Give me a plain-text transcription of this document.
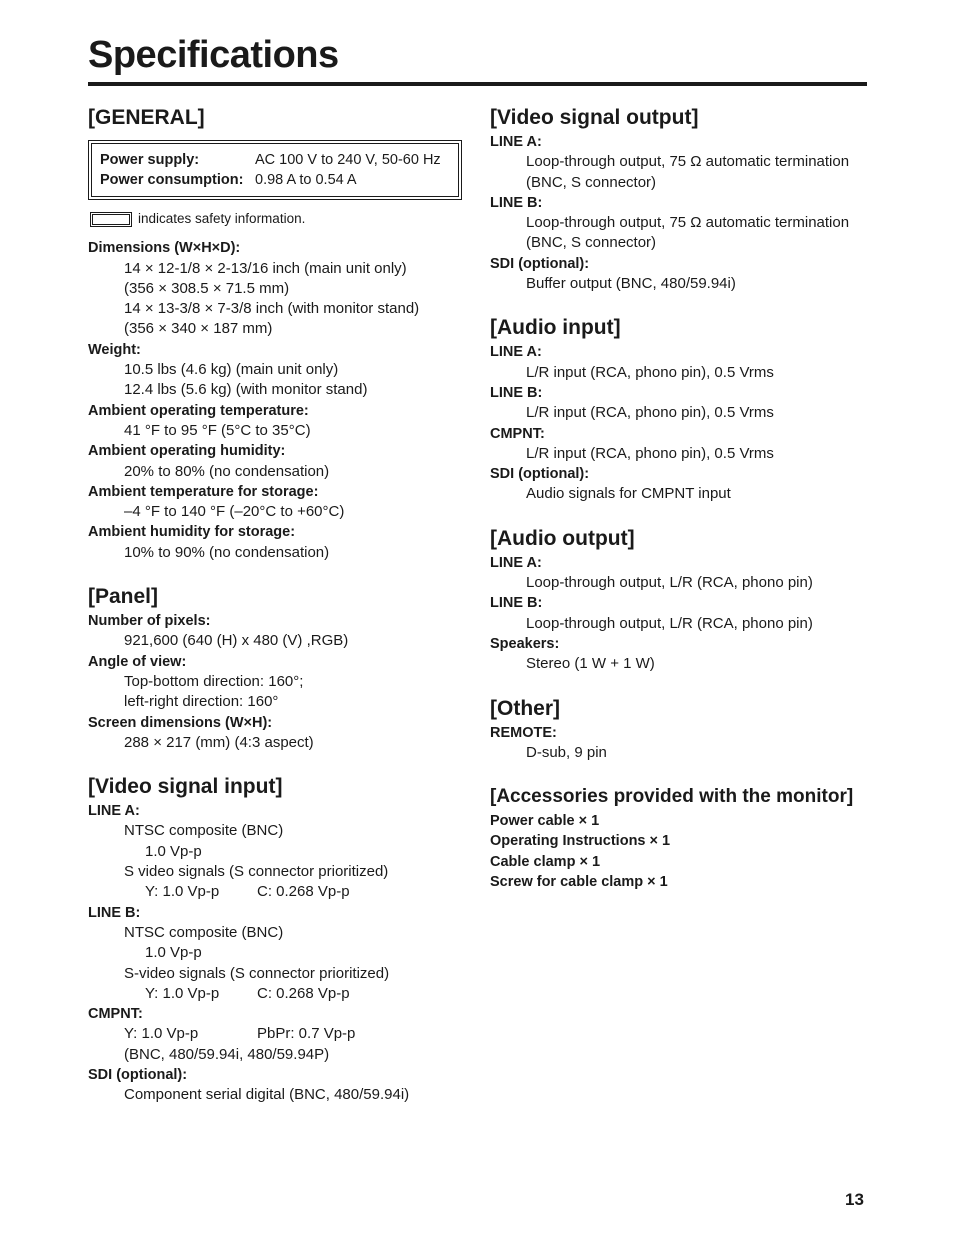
Specifications
[GENERAL]
Power supply:	AC 100 V to 240 V, 50-60 Hz
Power consumption: 0.98 A to 0.54 A
indicates safety information.
Dimensions (W×H×D):
14 × 12-1/8 × 2-13/16 inch (main unit only)
(356 × 308.5 × 71.5 mm)
14 × 13-3/8 × 7-3/8 inch (with monitor stand)
(356 × 340 × 187 mm)
Weight:
10.5 lbs (4.6 kg) (main unit only)
12.4 lbs (5.6 kg) (with monitor stand)
Ambient operating temperature:
41 °F to 95 °F (5°C to 35°C)
Ambient operating humidity:
20% to 80% (no condensation)
Ambient temperature for storage:
–4 °F to 140 °F (–20°C to +60°C)
Ambient humidity for storage:
10% to 90% (no condensation)
[Panel]
Number of pixels:
921,600 (640 (H) x 480 (V) ,RGB)
Angle of view:
Top-bottom direction: 160°;
left-right direction: 160°
Screen dimensions (W×H):
288 × 217 (mm) (4:3 aspect)
[Video signal input]
LINE A:
NTSC composite (BNC)
1.0 Vp-p
S video signals (S connector prioritized)
Y: 1.0 Vp-p	C: 0.268 Vp-p
LINE B:
NTSC composite (BNC)
1.0 Vp-p
S-video signals (S connector prioritized)
Y: 1.0 Vp-p	C: 0.268 Vp-p
CMPNT:
Y: 1.0 Vp-p	PbPr: 0.7 Vp-p
(BNC, 480/59.94i, 480/59.94P)
SDI (optional):
Component serial digital (BNC, 480/59.94i)
[Video signal output]
LINE A:
Loop-through output, 75 Ω automatic termination
(BNC, S connector)
LINE B:
Loop-through output, 75 Ω automatic termination
(BNC, S connector)
SDI (optional):
Buffer output (BNC, 480/59.94i)
[Audio input]
LINE A:
L/R input (RCA, phono pin), 0.5 Vrms
LINE B:
L/R input (RCA, phono pin), 0.5 Vrms
CMPNT:
L/R input (RCA, phono pin), 0.5 Vrms
SDI (optional):
Audio signals for CMPNT input
[Audio output]
LINE A:
Loop-through output, L/R (RCA, phono pin)
LINE B:
Loop-through output, L/R (RCA, phono pin)
Speakers:
Stereo (1 W + 1 W)
[Other]
REMOTE:
D-sub, 9 pin
[Accessories provided with the monitor]
Power cable × 1
Operating Instructions × 1
Cable clamp × 1
Screw for cable clamp × 1
13
